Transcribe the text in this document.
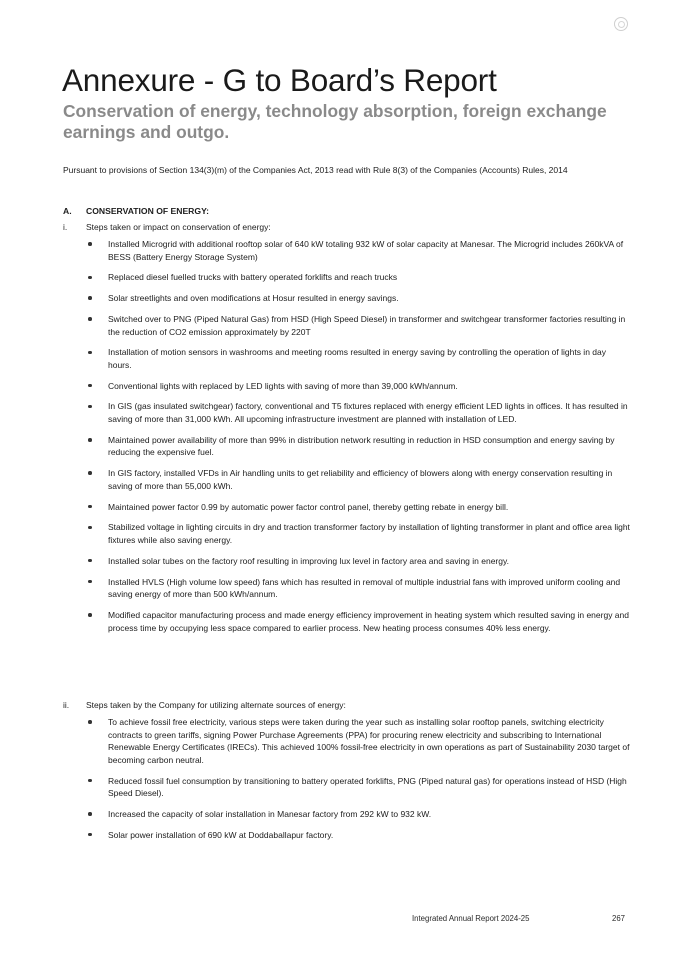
Annexure - G to Board’s Report
Conservation of energy, technology absorption, foreign exchange earnings and outgo.
Pursuant to provisions of Section 134(3)(m) of the Companies Act, 2013 read with Rule 8(3) of the Companies (Accounts) Rules, 2014
A. CONSERVATION OF ENERGY:
i. Steps taken or impact on conservation of energy:
Installed Microgrid with additional rooftop solar of 640 kW totaling 932 kW of solar capacity at Manesar. The Microgrid includes 260kVA of BESS (Battery Energy Storage System)
Replaced diesel fuelled trucks with battery operated forklifts and reach trucks
Solar streetlights and oven modifications at Hosur resulted in energy savings.
Switched over to PNG (Piped Natural Gas) from HSD (High Speed Diesel) in transformer and switchgear transformer factories resulting in the reduction of CO2 emission approximately by 220T
Installation of motion sensors in washrooms and meeting rooms resulted in energy saving by controlling the operation of lights in day hours.
Conventional lights with replaced by LED lights with saving of more than 39,000 kWh/annum.
In GIS (gas insulated switchgear) factory, conventional and T5 fixtures replaced with energy efficient LED lights in offices. It has resulted in saving of more than 31,000 kWh. All upcoming infrastructure investment are planned with installation of LED.
Maintained power availability of more than 99% in distribution network resulting in reduction in HSD consumption and energy saving by reducing the expensive fuel.
In GIS factory, installed VFDs in Air handling units to get reliability and efficiency of blowers along with energy conservation resulting in saving of more than 55,000 kWh.
Maintained power factor 0.99 by automatic power factor control panel, thereby getting rebate in energy bill.
Stabilized voltage in lighting circuits in dry and traction transformer factory by installation of lighting transformer in plant and office area light fixtures while also saving energy.
Installed solar tubes on the factory roof resulting in improving lux level in factory area and saving in energy.
Installed HVLS (High volume low speed) fans which has resulted in removal of multiple industrial fans with improved uniform cooling and saving energy of more than 500 kWh/annum.
Modified capacitor manufacturing process and made energy efficiency improvement in heating system which resulted saving in energy and process time by occupying less space compared to earlier process. New heating process consumes 40% less energy.
ii. Steps taken by the Company for utilizing alternate sources of energy:
To achieve fossil free electricity, various steps were taken during the year such as installing solar rooftop panels, switching electricity contracts to green tariffs, signing Power Purchase Agreements (PPA) for procuring renew electricity and subscribing to International Renewable Energy Certificates (IRECs). This achieved 100% fossil-free electricity in own operations as part of Sustainability 2030 target of becoming carbon neutral.
Reduced fossil fuel consumption by transitioning to battery operated forklifts, PNG (Piped natural gas) for operations instead of HSD (High Speed Diesel).
Increased the capacity of solar installation in Manesar factory from 292 kW to 932 kW.
Solar power installation of 690 kW at Doddaballapur factory.
Integrated Annual Report 2024-25	267
